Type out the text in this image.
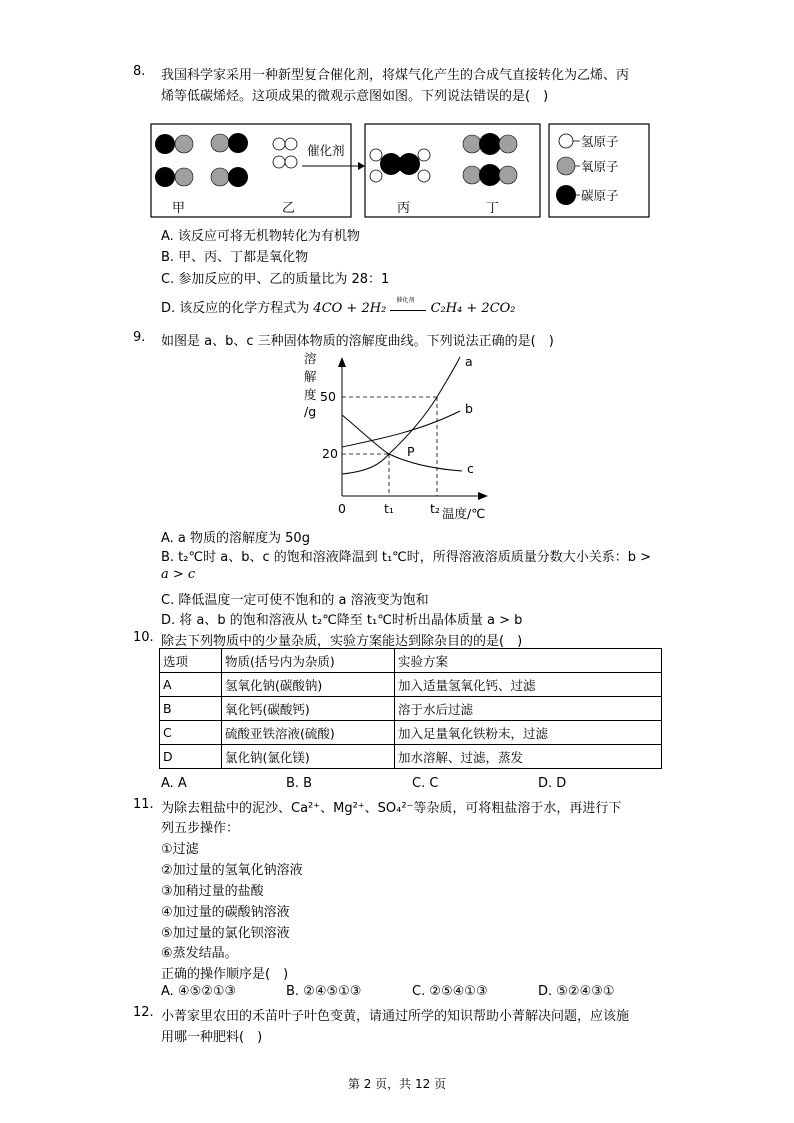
8. 我国科学家采用一种新型复合催化剂，将煤气化产生的合成气直接转化为乙烯、丙
烯等低碳烯烃。这项成果的微观示意图如图。下列说法错误的是(　)
甲	乙
催化剂
丙	丁
氢原子
氧原子
碳原子
A. 该反应可将无机物转化为有机物
B. 甲、丙、丁都是氧化物
C. 参加反应的甲、乙的质量比为 28：1
D. 该反应的化学方程式为 4CO + 2H₂
催化剂
C₂H₄ + 2CO₂
9. 如图是 a、b、c 三种固体物质的溶解度曲线。下列说法正确的是(　)
溶
解
度
/g
a
b
c
P
50
20
0	t₁	t₂ 温度/℃
A. a 物质的溶解度为 50g
B. t₂℃时 a、b、c 的饱和溶液降温到 t₁℃时，所得溶液溶质质量分数大小关系：b >
a > c
C. 降低温度一定可使不饱和的 a 溶液变为饱和
D. 将 a、b 的饱和溶液从 t₂℃降至 t₁℃时析出晶体质量 a > b
10. 除去下列物质中的少量杂质，实验方案能达到除杂目的的是(　)
选项	物质(括号内为杂质)	实验方案
A	氢氧化钠(碳酸钠)	加入适量氢氧化钙、过滤
B	氧化钙(碳酸钙)	溶于水后过滤
C	硫酸亚铁溶液(硫酸)	加入足量氧化铁粉末，过滤
D	氯化钠(氯化镁)	加水溶解、过滤，蒸发
A. A	B. B	C. C	D. D
11. 为除去粗盐中的泥沙、Ca²⁺、Mg²⁺、SO₄²⁻等杂质，可将粗盐溶于水，再进行下
列五步操作：
①过滤
②加过量的氢氧化钠溶液
③加稍过量的盐酸
④加过量的碳酸钠溶液
⑤加过量的氯化钡溶液
⑥蒸发结晶。
正确的操作顺序是(　)
A. ④⑤②①③	B. ②④⑤①③	C. ②⑤④①③	D. ⑤②④③①
12. 小菁家里农田的禾苗叶子叶色变黄，请通过所学的知识帮助小菁解决问题，应该施
用哪一种肥料(　)
第 2 页，共 12 页
